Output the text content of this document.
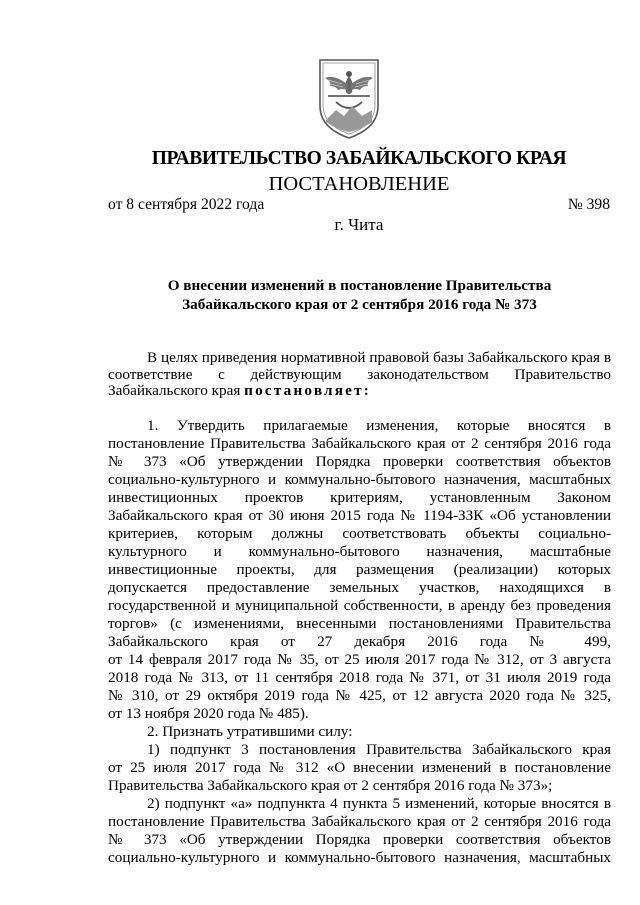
ПРАВИТЕЛЬСТВО ЗАБАЙКАЛЬСКОГО КРАЯ
ПОСТАНОВЛЕНИЕ
от 8 сентября 2022 года	№ 398
г. Чита
О внесении изменений в постановление Правительства
Забайкальского края от 2 сентября 2016 года № 373
В целях приведения нормативной правовой базы Забайкальского края в
соответствие с действующим законодательством Правительство
Забайкальского края постановляет:
1. Утвердить прилагаемые изменения, которые вносятся в
постановление Правительства Забайкальского края от 2 сентября 2016 года
№ 373 «Об утверждении Порядка проверки соответствия объектов
социально-культурного и коммунально-бытового назначения, масштабных
инвестиционных проектов критериям, установленным Законом
Забайкальского края от 30 июня 2015 года № 1194-ЗЗК «Об установлении
критериев, которым должны соответствовать объекты социально-
культурного и коммунально-бытового назначения, масштабные
инвестиционные проекты, для размещения (реализации) которых
допускается предоставление земельных участков, находящихся в
государственной и муниципальной собственности, в аренду без проведения
торгов» (с изменениями, внесенными постановлениями Правительства
Забайкальского края от 27 декабря 2016 года № 499,
от 14 февраля 2017 года № 35, от 25 июля 2017 года № 312, от 3 августа
2018 года № 313, от 11 сентября 2018 года № 371, от 31 июля 2019 года
№ 310, от 29 октября 2019 года № 425, от 12 августа 2020 года № 325,
от 13 ноября 2020 года № 485).
2. Признать утратившими силу:
1) подпункт 3 постановления Правительства Забайкальского края
от 25 июля 2017 года № 312 «О внесении изменений в постановление
Правительства Забайкальского края от 2 сентября 2016 года № 373»;
2) подпункт «а» подпункта 4 пункта 5 изменений, которые вносятся в
постановление Правительства Забайкальского края от 2 сентября 2016 года
№ 373 «Об утверждении Порядка проверки соответствия объектов
социально-культурного и коммунально-бытового назначения, масштабных
